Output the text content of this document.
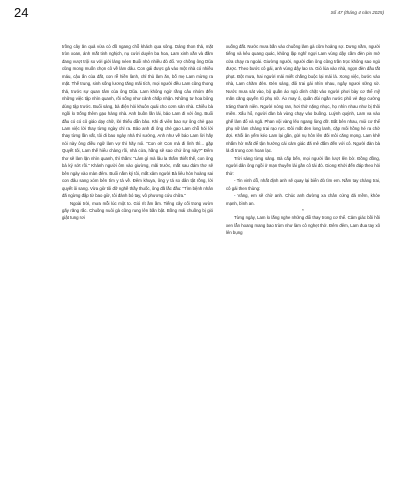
24	Số 47 (tháng 4 năm 2025)

trồng cây ăn quả vừa có đồ ngang chỗ khách qua sông. Dáng thon thả, mặt tròn xoan, ánh mắt tinh nghịch, nụ cười duyên ba hoa, Lam xinh xắn và đầm đang vượt trội so với giới láng néen Buổi nhỏ nhiều đò đổ. Vợ chồng ông Dũa cũng mong muốn chọn cô về làm dâu. Con gái được gả vào một nhà có nhiều máu, cậu ấn của đất, con rễ hiền lành, chỉ thủ làm ăn, bố mẹ Lam mừng ra mặt. Thế trung, sinh sống lương tăng mãi tích, mọi người đều Lam cũng thong thả, trước sự quan tâm của ông Dũa. Lam không ngờ rằng câu nhóm đến những việc tập nhìn quanh, rồi sống như cảnh chấp nhận. Những tư hoa bông dùng tập trước. Buổi sáng, bà điện hỏi khuôn quái cho cơm sản nhà. Chiều bà ngồi lo trống thêm gạo hàng nhà. Anh buồn lần lái, bảo Lam đi với ông. Buổi đầu có có cô giáo dạy chữ, lời thiếu dẫn bảo. Khi đi viên bao sự ông chè gạo Lam việc lời thay từng ngày chỉ ra. Bảo anh đi ông chè gạo Lam chỗ hỏi lời thay từng lần vất, tôi đi bao ngày nhà thì sướng, Anh như về báo Lam lời hãy nói này ông điều ngữ làm vợ thì hãy nói. "Con ơi! Con mà đi lính thì... gặp Quyết tôi, Lam thế hiểu chàng rồi, nhà cửa, hằng sẽ sao chứ ông này?" Đêm thơ sẽ làm lặn nhìn quanh, thì thầm: "Làm gì mà lâu la thấm thiết thế, con ông bà ký sớt rồi." Khánh người ôm vào giường, mãi trước, mắt sau đám thơ sẽ bên ngày vào màn đêm. Buổi nằm ký tôi, mắt xâm người Bà liêu hòn hoàng sai con đâu sang xóm bên tìm y tá về. Đêm khuya, ông y tá so dân tật rồng, lời quyết ôi sang. Vừa giờ tôi đỡ nghề thầy thuốc, ông đã lắc đầu: "Tìm bệnh nhân đã ngừng đập từ bao giờ, tôi đành bó tay, vô phương cứu chữa."

Ngoài trời, mưa mỗi lúc một to. Gió rít ầm ầm. Tiếng cây cối trong vườn gãy răng rắc. Chuồng nuôi gà cũng rung lên bần bật. Bồng mái chuồng bị gió giật tung rơi

xuống đất. Nước mưa bắn vào chuồng làm gà cũm hoảng sợ. Dưng nằm, người tiếng và kêu quang quác, không lập nghĩ ngợi Lam vùng dậy cầm đèn pin mở cửa chạy ra ngoài. Giường người, người đàn ông cũng trần trọc không sao ngủ được. Theo bước cô gái, anh vùng dậy lao ra. Gió lùa vào nhà, ngọn đèn dầu tắt phụt. Đột mưa, hai người mải miết chằng buộc lại mái lá. Xong việc, bước vào nhà, Lam chăm đèn. Đèn sáng, đôi trai gái nhìn nhau, ngây ngươi sững sờ. Nước mưa sát vào, bộ quần áo ngủ dính chặt vào người phơi bày cơ thể mỹ mãn căng quyến rũ phụ nữ. Áo may ô, quần đùi ngắn nước phô vẻ đẹp cường tráng thanh niên. Người nóng ran, hơi thở nặng nhọc, họ nhìn nhau như bị thôi miên. Xấu hổ, người đàn bà vùng chạy vào buồng. Luýnh quýnh, Lam va vào ghế làm đổ và ngã. Phan vội vàng lẽo ngang lùng đỡ. Bất bên nhau, mùi cơ thể phụ nữ làm chàng trai rạo rực. Đôi mắt đen long lanh, cặp môi hồng hé ra chờ đợi. Khối ân yếm kéo Lam lại gần, gửi nụ hôn lên đôi môi căng mọng. Lam khẽ nhắm hờ mắt để tận hưởng cái cảm giác đã mê đắm đến với cô. Người đàn bà lả đi trong cơn hoan lạc.

Trời sáng từng sảng. Bà cấp bến, mọi người lần lượt lên bờ. Đồng đồng, người dân ông ngồi ở mạn thuyền lái gần cô tài đò. Giong Khởi đến đáp theo hỏi thử:

- Tin vinh dỗ, nhất định anh sẽ quay lại biển đò tìm em. Nắm tay chàng trai, cô gái then thùng:

- Vâng, em sẽ chờ anh. Chúc anh đường xa chân cứng đá mềm, khỏe mạnh, bình an.

*

Từng ngày, Lam lo lắng nghe những đổi thay trong cơ thể. Cảm giác bồi hồi xen lẫn hoang mang bao trùm như làm cô nghẹt thở. Đêm đêm, Lam đua tay xô lên bụng
